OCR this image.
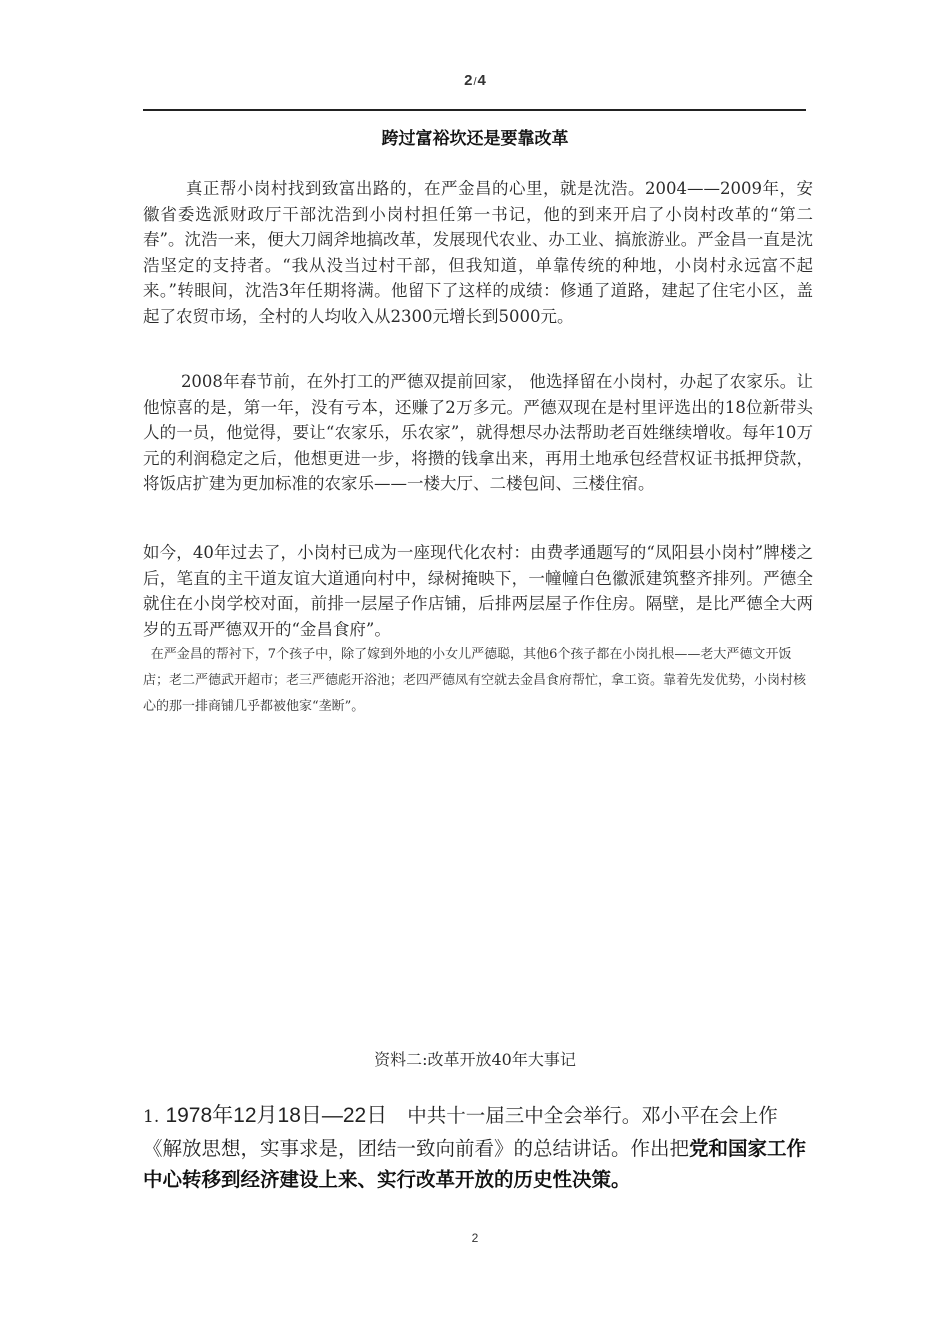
2/4
跨过富裕坎还是要靠改革

真正帮小岗村找到致富出路的，在严金昌的心里，就是沈浩。2004——2009年，安徽省委选派财政厅干部沈浩到小岗村担任第一书记，他的到来开启了小岗村改革的“第二春”。沈浩一来，便大刀阔斧地搞改革，发展现代农业、办工业、搞旅游业。严金昌一直是沈浩坚定的支持者。“我从没当过村干部，但我知道，单靠传统的种地，小岗村永远富不起来。”转眼间，沈浩3年任期将满。他留下了这样的成绩：修通了道路，建起了住宅小区，盖起了农贸市场，全村的人均收入从2300元增长到5000元。

2008年春节前，在外打工的严德双提前回家， 他选择留在小岗村，办起了农家乐。让他惊喜的是，第一年，没有亏本，还赚了2万多元。严德双现在是村里评选出的18位新带头人的一员，他觉得，要让“农家乐，乐农家”，就得想尽办法帮助老百姓继续增收。每年10万元的利润稳定之后，他想更进一步，将攒的钱拿出来，再用土地承包经营权证书抵押贷款，将饭店扩建为更加标准的农家乐——一楼大厅、二楼包间、三楼住宿。

如今，40年过去了，小岗村已成为一座现代化农村：由费孝通题写的“凤阳县小岗村”牌楼之后，笔直的主干道友谊大道通向村中，绿树掩映下，一幢幢白色徽派建筑整齐排列。严德全就住在小岗学校对面，前排一层屋子作店铺，后排两层屋子作住房。隔壁，是比严德全大两岁的五哥严德双开的“金昌食府”。

在严金昌的帮衬下，7个孩子中，除了嫁到外地的小女儿严德聪，其他6个孩子都在小岗扎根——老大严德文开饭店；老二严德武开超市；老三严德彪开浴池；老四严德凤有空就去金昌食府帮忙，拿工资。靠着先发优势，小岗村核心的那一排商铺几乎都被他家“垄断”。

资料二:改革开放40年大事记

1. 1978年12月18日—22日 中共十一届三中全会举行。邓小平在会上作《解放思想，实事求是，团结一致向前看》的总结讲话。作出把党和国家工作中心转移到经济建设上来、实行改革开放的历史性决策。

2
